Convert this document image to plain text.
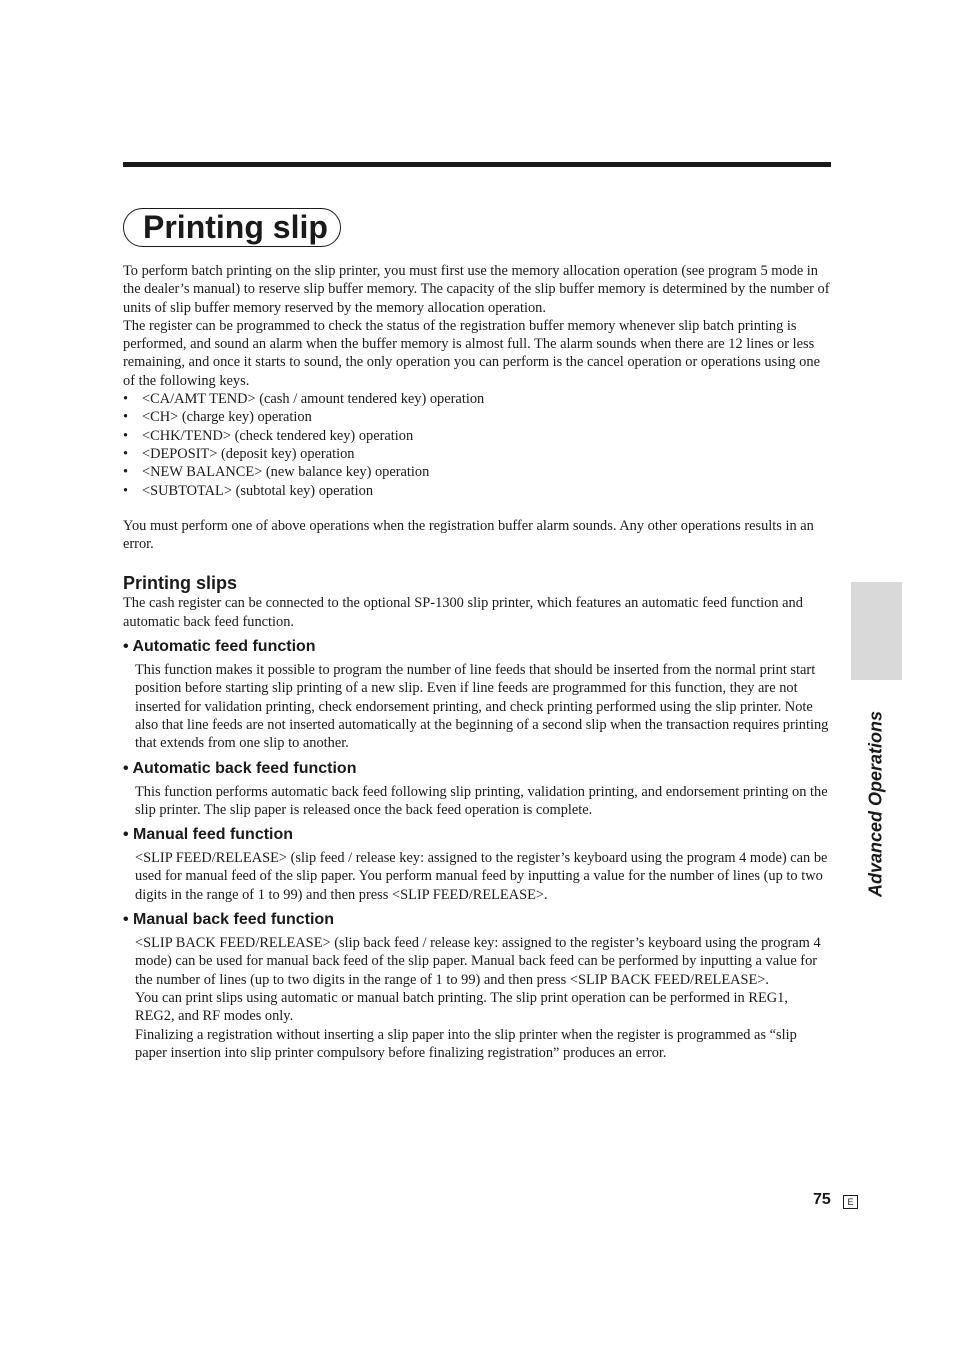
Printing slip

To perform batch printing on the slip printer, you must first use the memory allocation operation (see program 5 mode in the dealer’s manual) to reserve slip buffer memory. The capacity of the slip buffer memory is determined by the number of units of slip buffer memory reserved by the memory allocation operation.

The register can be programmed to check the status of the registration buffer memory whenever slip batch printing is performed, and sound an alarm when the buffer memory is almost full. The alarm sounds when there are 12 lines or less remaining, and once it starts to sound, the only operation you can perform is the cancel operation or operations using one of the following keys.

• <CA/AMT TEND> (cash / amount tendered key) operation
• <CH> (charge key) operation
• <CHK/TEND> (check tendered key) operation
• <DEPOSIT> (deposit key) operation
• <NEW BALANCE> (new balance key) operation
• <SUBTOTAL> (subtotal key) operation

You must perform one of above operations when the registration buffer alarm sounds. Any other operations results in an error.

Printing slips

The cash register can be connected to the optional SP-1300 slip printer, which features an automatic feed function and automatic back feed function.

• Automatic feed function

This function makes it possible to program the number of line feeds that should be inserted from the normal print start position before starting slip printing of a new slip. Even if line feeds are programmed for this function, they are not inserted for validation printing, check endorsement printing, and check printing performed using the slip printer. Note also that line feeds are not inserted automatically at the beginning of a second slip when the transaction requires printing that extends from one slip to another.

• Automatic back feed function

This function performs automatic back feed following slip printing, validation printing, and endorsement printing on the slip printer. The slip paper is released once the back feed operation is complete.

• Manual feed function

<SLIP FEED/RELEASE> (slip feed / release key: assigned to the register’s keyboard using the program 4 mode) can be used for manual feed of the slip paper. You perform manual feed by inputting a value for the number of lines (up to two digits in the range of 1 to 99) and then press <SLIP FEED/RELEASE>.

• Manual back feed function

<SLIP BACK FEED/RELEASE> (slip back feed / release key: assigned to the register’s keyboard using the program 4 mode) can be used for manual back feed of the slip paper. Manual back feed can be performed by inputting a value for the number of lines (up to two digits in the range of 1 to 99) and then press <SLIP BACK FEED/RELEASE>.

You can print slips using automatic or manual batch printing. The slip print operation can be performed in REG1, REG2, and RF modes only.

Finalizing a registration without inserting a slip paper into the slip printer when the register is programmed as “slip paper insertion into slip printer compulsory before finalizing registration” produces an error.

Advanced Operations
75	E
